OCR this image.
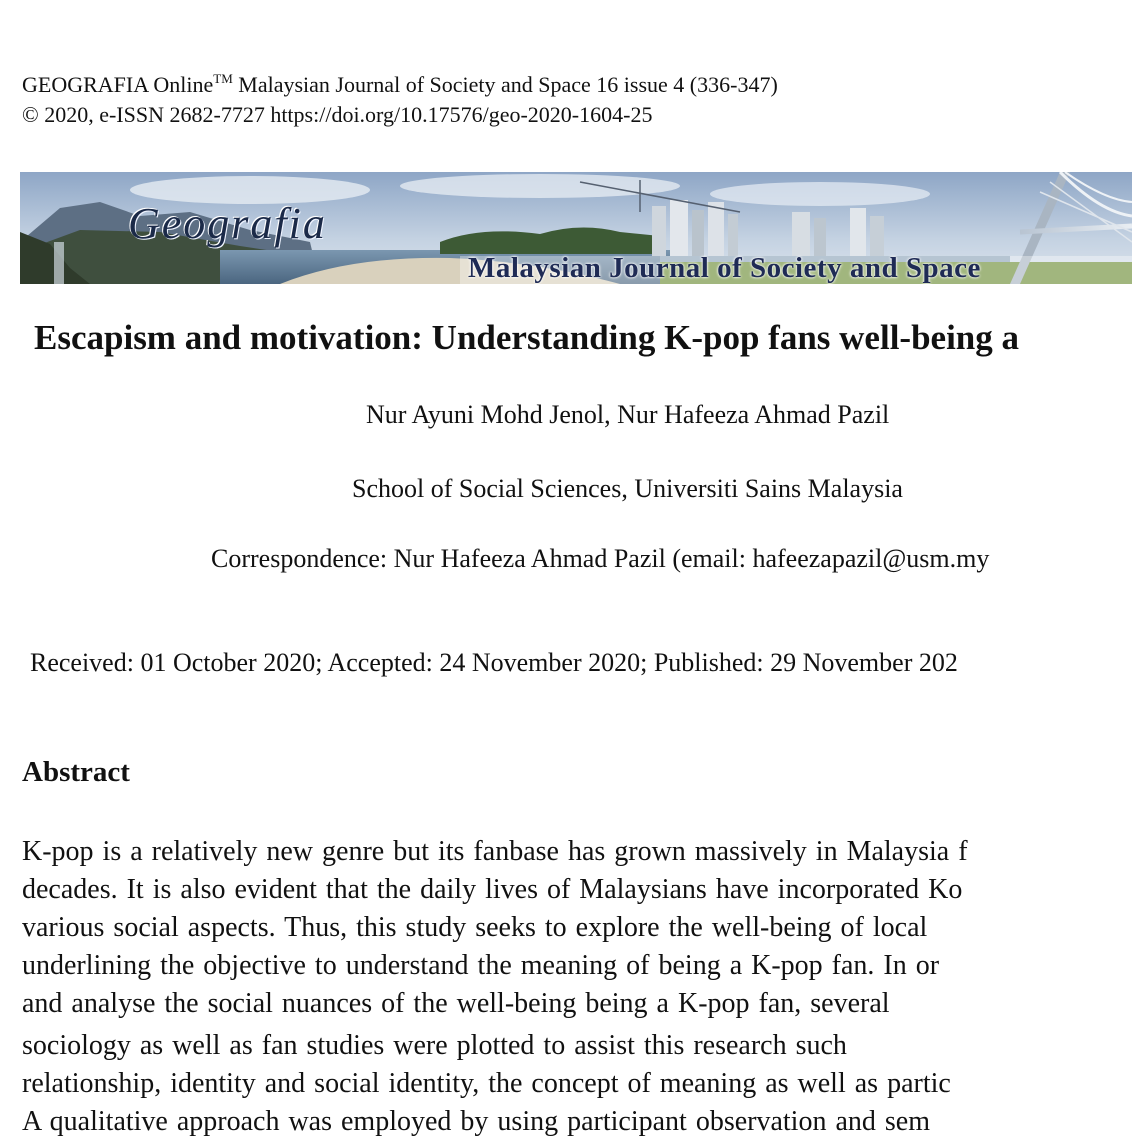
GEOGRAFIA Online™ Malaysian Journal of Society and Space 16 issue 4 (336-347)
© 2020, e-ISSN 2682-7727 https://doi.org/10.17576/geo-2020-1604-25
Geografia
Malaysian Journal of Society and Space
Escapism and motivation: Understanding K-pop fans well-being a
Nur Ayuni Mohd Jenol, Nur Hafeeza Ahmad Pazil
School of Social Sciences, Universiti Sains Malaysia
Correspondence: Nur Hafeeza Ahmad Pazil (email: hafeezapazil@usm.my
Received: 01 October 2020; Accepted: 24 November 2020; Published: 29 November 202
Abstract
K-pop is a relatively new genre but its fanbase has grown massively in Malaysia f
decades. It is also evident that the daily lives of Malaysians have incorporated Ko
various social aspects. Thus, this study seeks to explore the well-being of local
underlining the objective to understand the meaning of being a K-pop fan. In or
and analyse the social nuances of the well-being being a K-pop fan, several
sociology as well as fan studies were plotted to assist this research such
relationship, identity and social identity, the concept of meaning as well as partic
A qualitative approach was employed by using participant observation and sem
